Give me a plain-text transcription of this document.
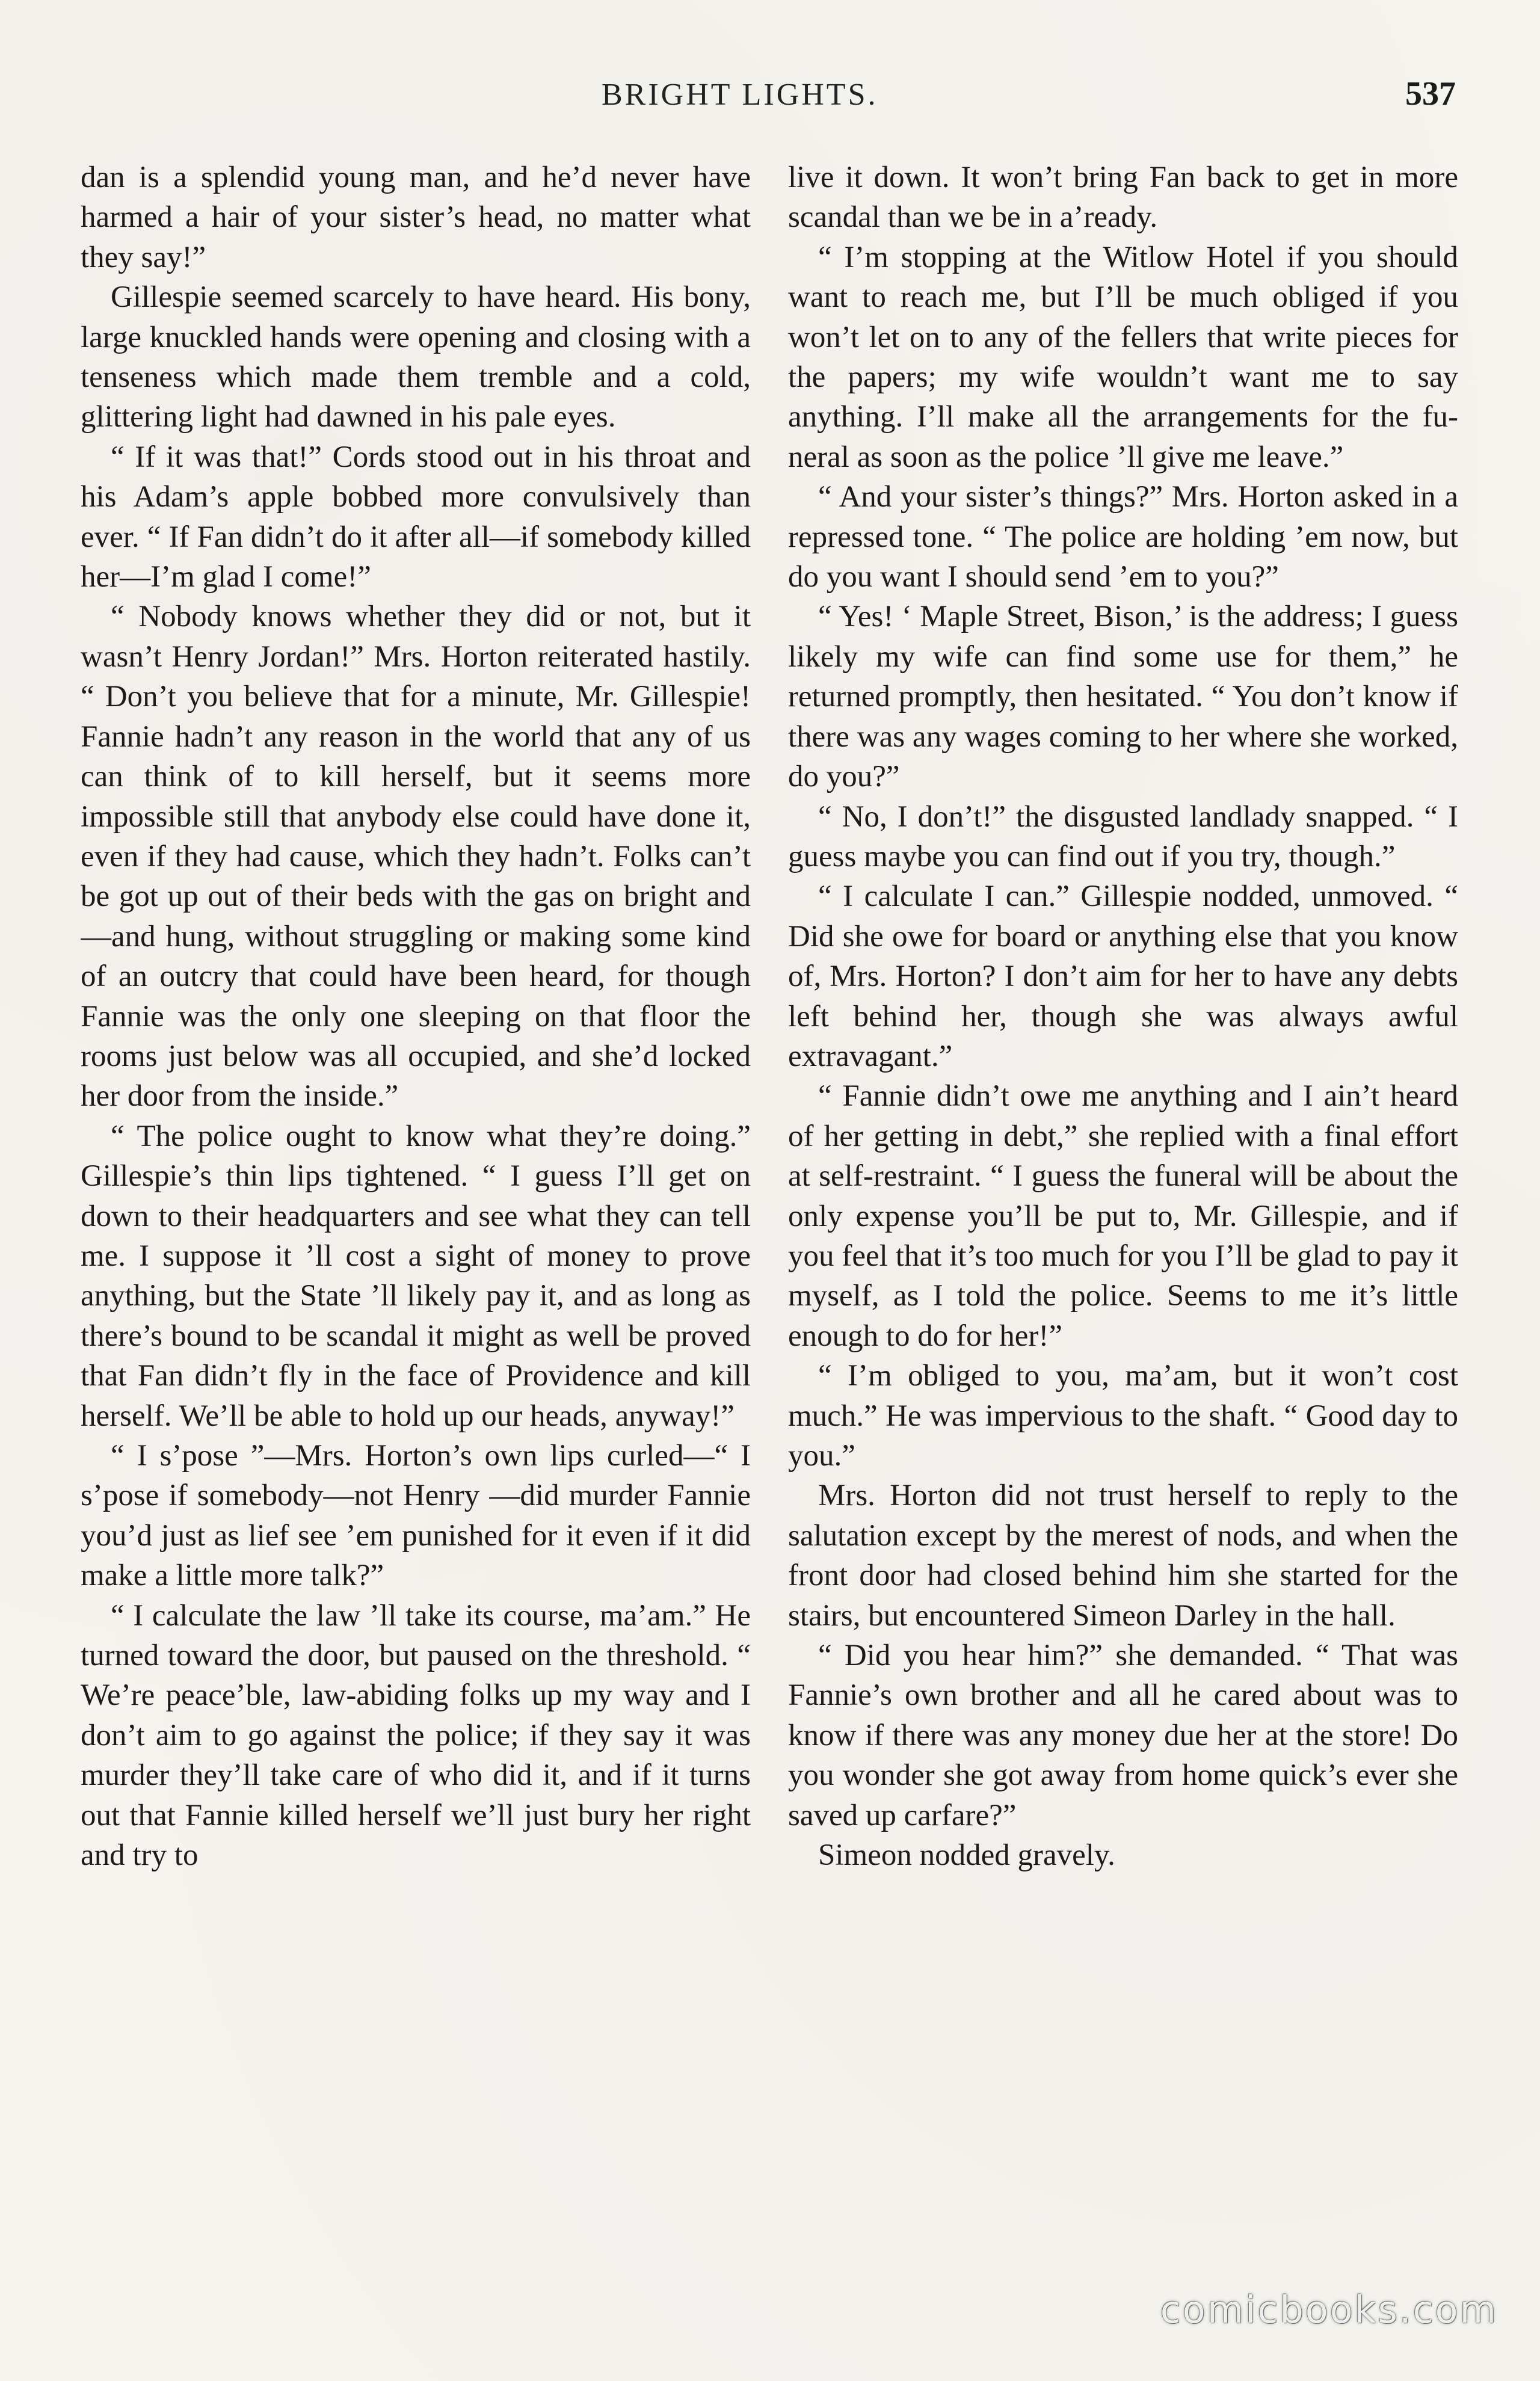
BRIGHT LIGHTS.	537

dan is a splendid young man, and he’d never have harmed a hair of your sister’s head, no matter what they say!”

Gillespie seemed scarcely to have heard. His bony, large knuckled hands were opening and closing with a tenseness which made them tremble and a cold, glittering light had dawned in his pale eyes.

“ If it was that!” Cords stood out in his throat and his Adam’s apple bobbed more convulsively than ever. “ If Fan didn’t do it after all—if somebody killed her—I’m glad I come!”

“ Nobody knows whether they did or not, but it wasn’t Henry Jordan!” Mrs. Horton reiterated hastily. “ Don’t you believe that for a minute, Mr. Gillespie! Fannie hadn’t any reason in the world that any of us can think of to kill herself, but it seems more impossible still that anybody else could have done it, even if they had cause, which they hadn’t. Folks can’t be got up out of their beds with the gas on bright and—and hung, without struggling or making some kind of an outcry that could have been heard, for though Fannie was the only one sleeping on that floor the rooms just below was all occupied, and she’d locked her door from the inside.”

“ The police ought to know what they’re doing.” Gillespie’s thin lips tightened. “ I guess I’ll get on down to their headquarters and see what they can tell me. I suppose it ’ll cost a sight of money to prove anything, but the State ’ll likely pay it, and as long as there’s bound to be scandal it might as well be proved that Fan didn’t fly in the face of Providence and kill herself. We’ll be able to hold up our heads, anyway!”

“ I s’pose ”—Mrs. Horton’s own lips curled—“ I s’pose if somebody—not Henry —did murder Fannie you’d just as lief see ’em punished for it even if it did make a little more talk?”

“ I calculate the law ’ll take its course, ma’am.” He turned toward the door, but paused on the threshold. “ We’re peace’ble, law-abiding folks up my way and I don’t aim to go against the police; if they say it was murder they’ll take care of who did it, and if it turns out that Fannie killed herself we’ll just bury her right and try to

live it down. It won’t bring Fan back to get in more scandal than we be in a’ready.

“ I’m stopping at the Witlow Hotel if you should want to reach me, but I’ll be much obliged if you won’t let on to any of the fellers that write pieces for the papers; my wife wouldn’t want me to say anything. I’ll make all the arrangements for the funeral as soon as the police ’ll give me leave.”

“ And your sister’s things?” Mrs. Horton asked in a repressed tone. “ The police are holding ’em now, but do you want I should send ’em to you?”

“ Yes! ‘ Maple Street, Bison,’ is the address; I guess likely my wife can find some use for them,” he returned promptly, then hesitated. “ You don’t know if there was any wages coming to her where she worked, do you?”

“ No, I don’t!” the disgusted landlady snapped. “ I guess maybe you can find out if you try, though.”

“ I calculate I can.” Gillespie nodded, unmoved. “ Did she owe for board or anything else that you know of, Mrs. Horton? I don’t aim for her to have any debts left behind her, though she was always awful extravagant.”

“ Fannie didn’t owe me anything and I ain’t heard of her getting in debt,” she replied with a final effort at self-restraint. “ I guess the funeral will be about the only expense you’ll be put to, Mr. Gillespie, and if you feel that it’s too much for you I’ll be glad to pay it myself, as I told the police. Seems to me it’s little enough to do for her!”

“ I’m obliged to you, ma’am, but it won’t cost much.” He was impervious to the shaft. “ Good day to you.”

Mrs. Horton did not trust herself to reply to the salutation except by the merest of nods, and when the front door had closed behind him she started for the stairs, but encountered Simeon Darley in the hall.

“ Did you hear him?” she demanded. “ That was Fannie’s own brother and all he cared about was to know if there was any money due her at the store! Do you wonder she got away from home quick’s ever she saved up carfare?”

Simeon nodded gravely.

comicbooks.com
